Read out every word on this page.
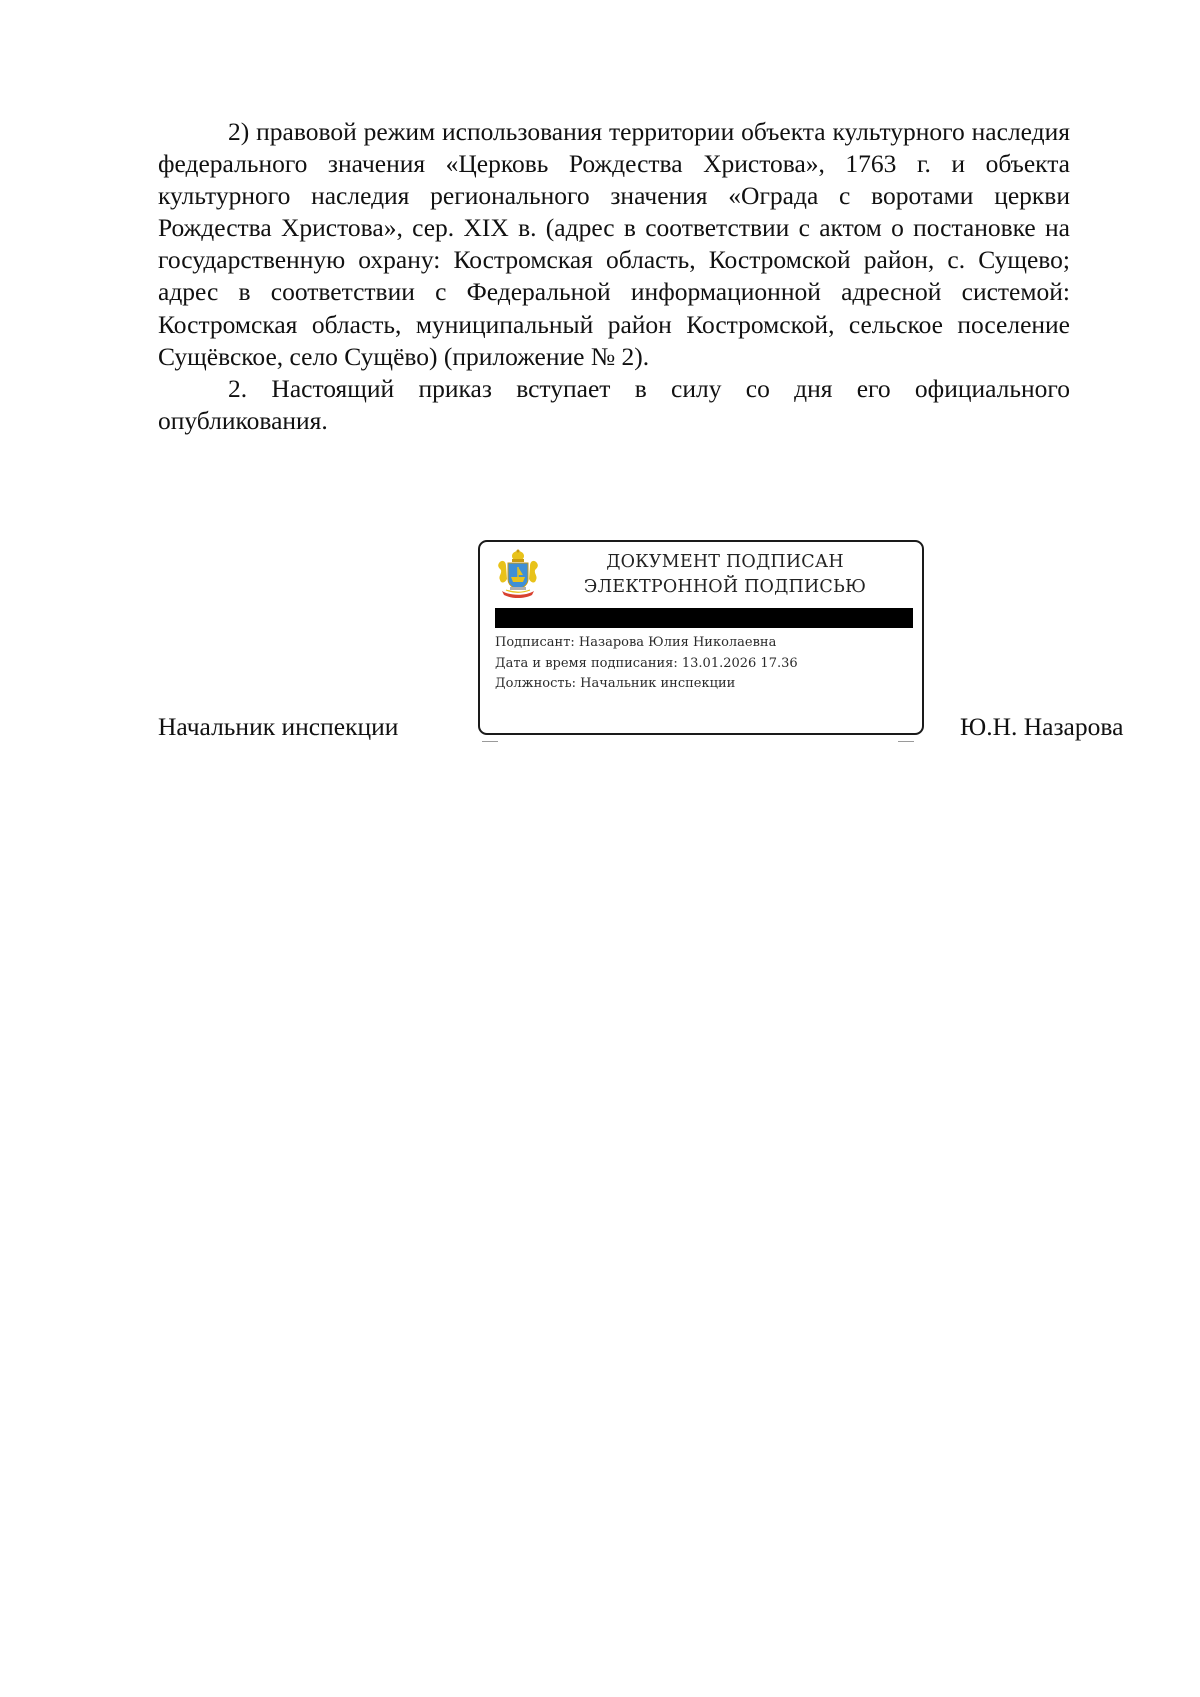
2) правовой режим использования территории объекта культурного наследия федерального значения «Церковь Рождества Христова», 1763 г. и объекта культурного наследия регионального значения «Ограда с воротами церкви Рождества Христова», сер. XIX в. (адрес в соответствии с актом о постановке на государственную охрану: Костромская область, Костромской район, с. Сущево; адрес в соответствии с Федеральной информационной адресной системой: Костромская область, муниципальный район Костромской, сельское поселение Сущёвское, село Сущёво) (приложение № 2).

2. Настоящий приказ вступает в силу со дня его официального опубликования.

Начальник инспекции
ДОКУМЕНТ ПОДПИСАН
ЭЛЕКТРОННОЙ ПОДПИСЬЮ
Подписант: Назарова Юлия Николаевна
Дата и время подписания: 13.01.2026 17.36
Должность: Начальник инспекции
Ю.Н. Назарова
